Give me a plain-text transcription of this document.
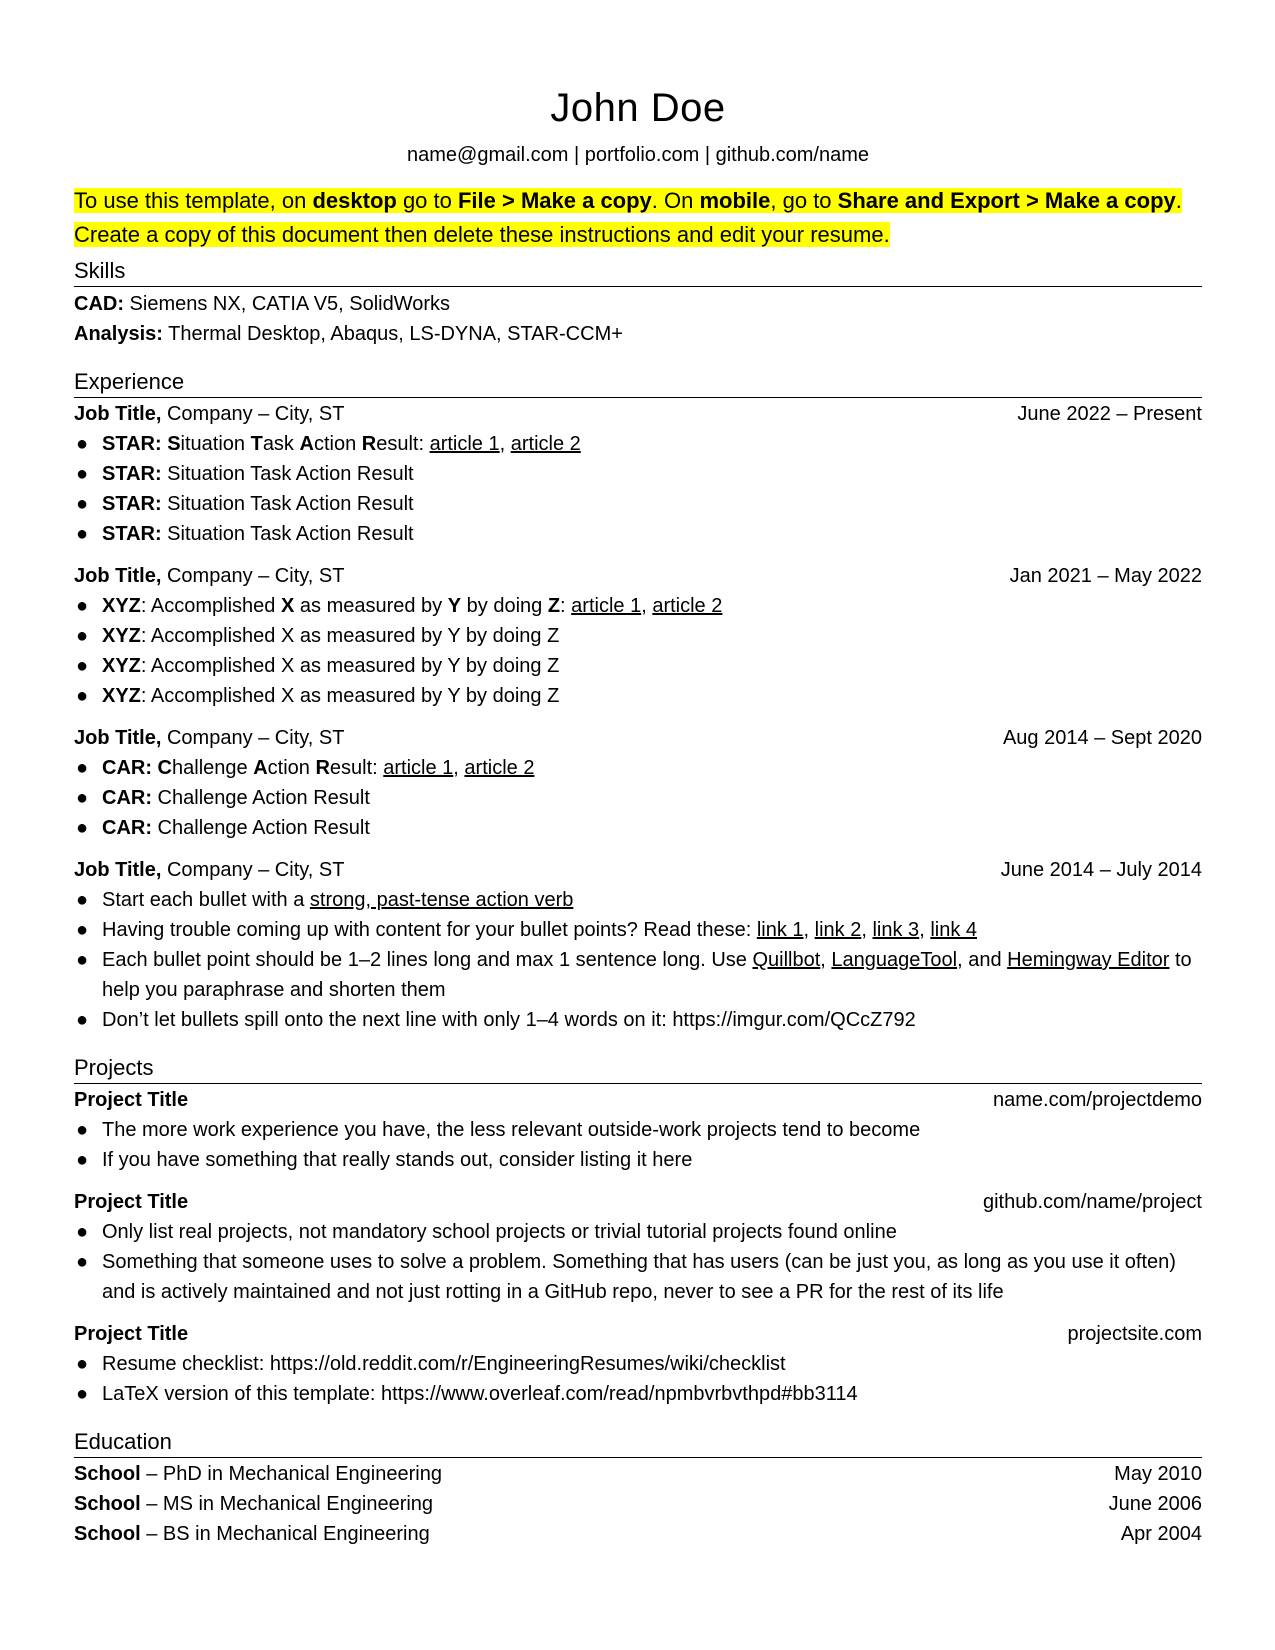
John Doe
name@gmail.com | portfolio.com | github.com/name
To use this template, on desktop go to File > Make a copy. On mobile, go to Share and Export > Make a copy. Create a copy of this document then delete these instructions and edit your resume.
Skills
CAD: Siemens NX, CATIA V5, SolidWorks
Analysis: Thermal Desktop, Abaqus, LS-DYNA, STAR-CCM+
Experience
Job Title, Company – City, ST	June 2022 – Present
● STAR: Situation Task Action Result: article 1, article 2
● STAR: Situation Task Action Result
● STAR: Situation Task Action Result
● STAR: Situation Task Action Result
Job Title, Company – City, ST	Jan 2021 – May 2022
● XYZ: Accomplished X as measured by Y by doing Z: article 1, article 2
● XYZ: Accomplished X as measured by Y by doing Z
● XYZ: Accomplished X as measured by Y by doing Z
● XYZ: Accomplished X as measured by Y by doing Z
Job Title, Company – City, ST	Aug 2014 – Sept 2020
● CAR: Challenge Action Result: article 1, article 2
● CAR: Challenge Action Result
● CAR: Challenge Action Result
Job Title, Company – City, ST	June 2014 – July 2014
● Start each bullet with a strong, past-tense action verb
● Having trouble coming up with content for your bullet points? Read these: link 1, link 2, link 3, link 4
● Each bullet point should be 1–2 lines long and max 1 sentence long. Use Quillbot, LanguageTool, and Hemingway Editor to help you paraphrase and shorten them
● Don’t let bullets spill onto the next line with only 1–4 words on it: https://imgur.com/QCcZ792
Projects
Project Title	name.com/projectdemo
● The more work experience you have, the less relevant outside-work projects tend to become
● If you have something that really stands out, consider listing it here
Project Title	github.com/name/project
● Only list real projects, not mandatory school projects or trivial tutorial projects found online
● Something that someone uses to solve a problem. Something that has users (can be just you, as long as you use it often) and is actively maintained and not just rotting in a GitHub repo, never to see a PR for the rest of its life
Project Title	projectsite.com
● Resume checklist: https://old.reddit.com/r/EngineeringResumes/wiki/checklist
● LaTeX version of this template: https://www.overleaf.com/read/npmbvrbvthpd#bb3114
Education
School – PhD in Mechanical Engineering	May 2010
School – MS in Mechanical Engineering	June 2006
School – BS in Mechanical Engineering	Apr 2004
